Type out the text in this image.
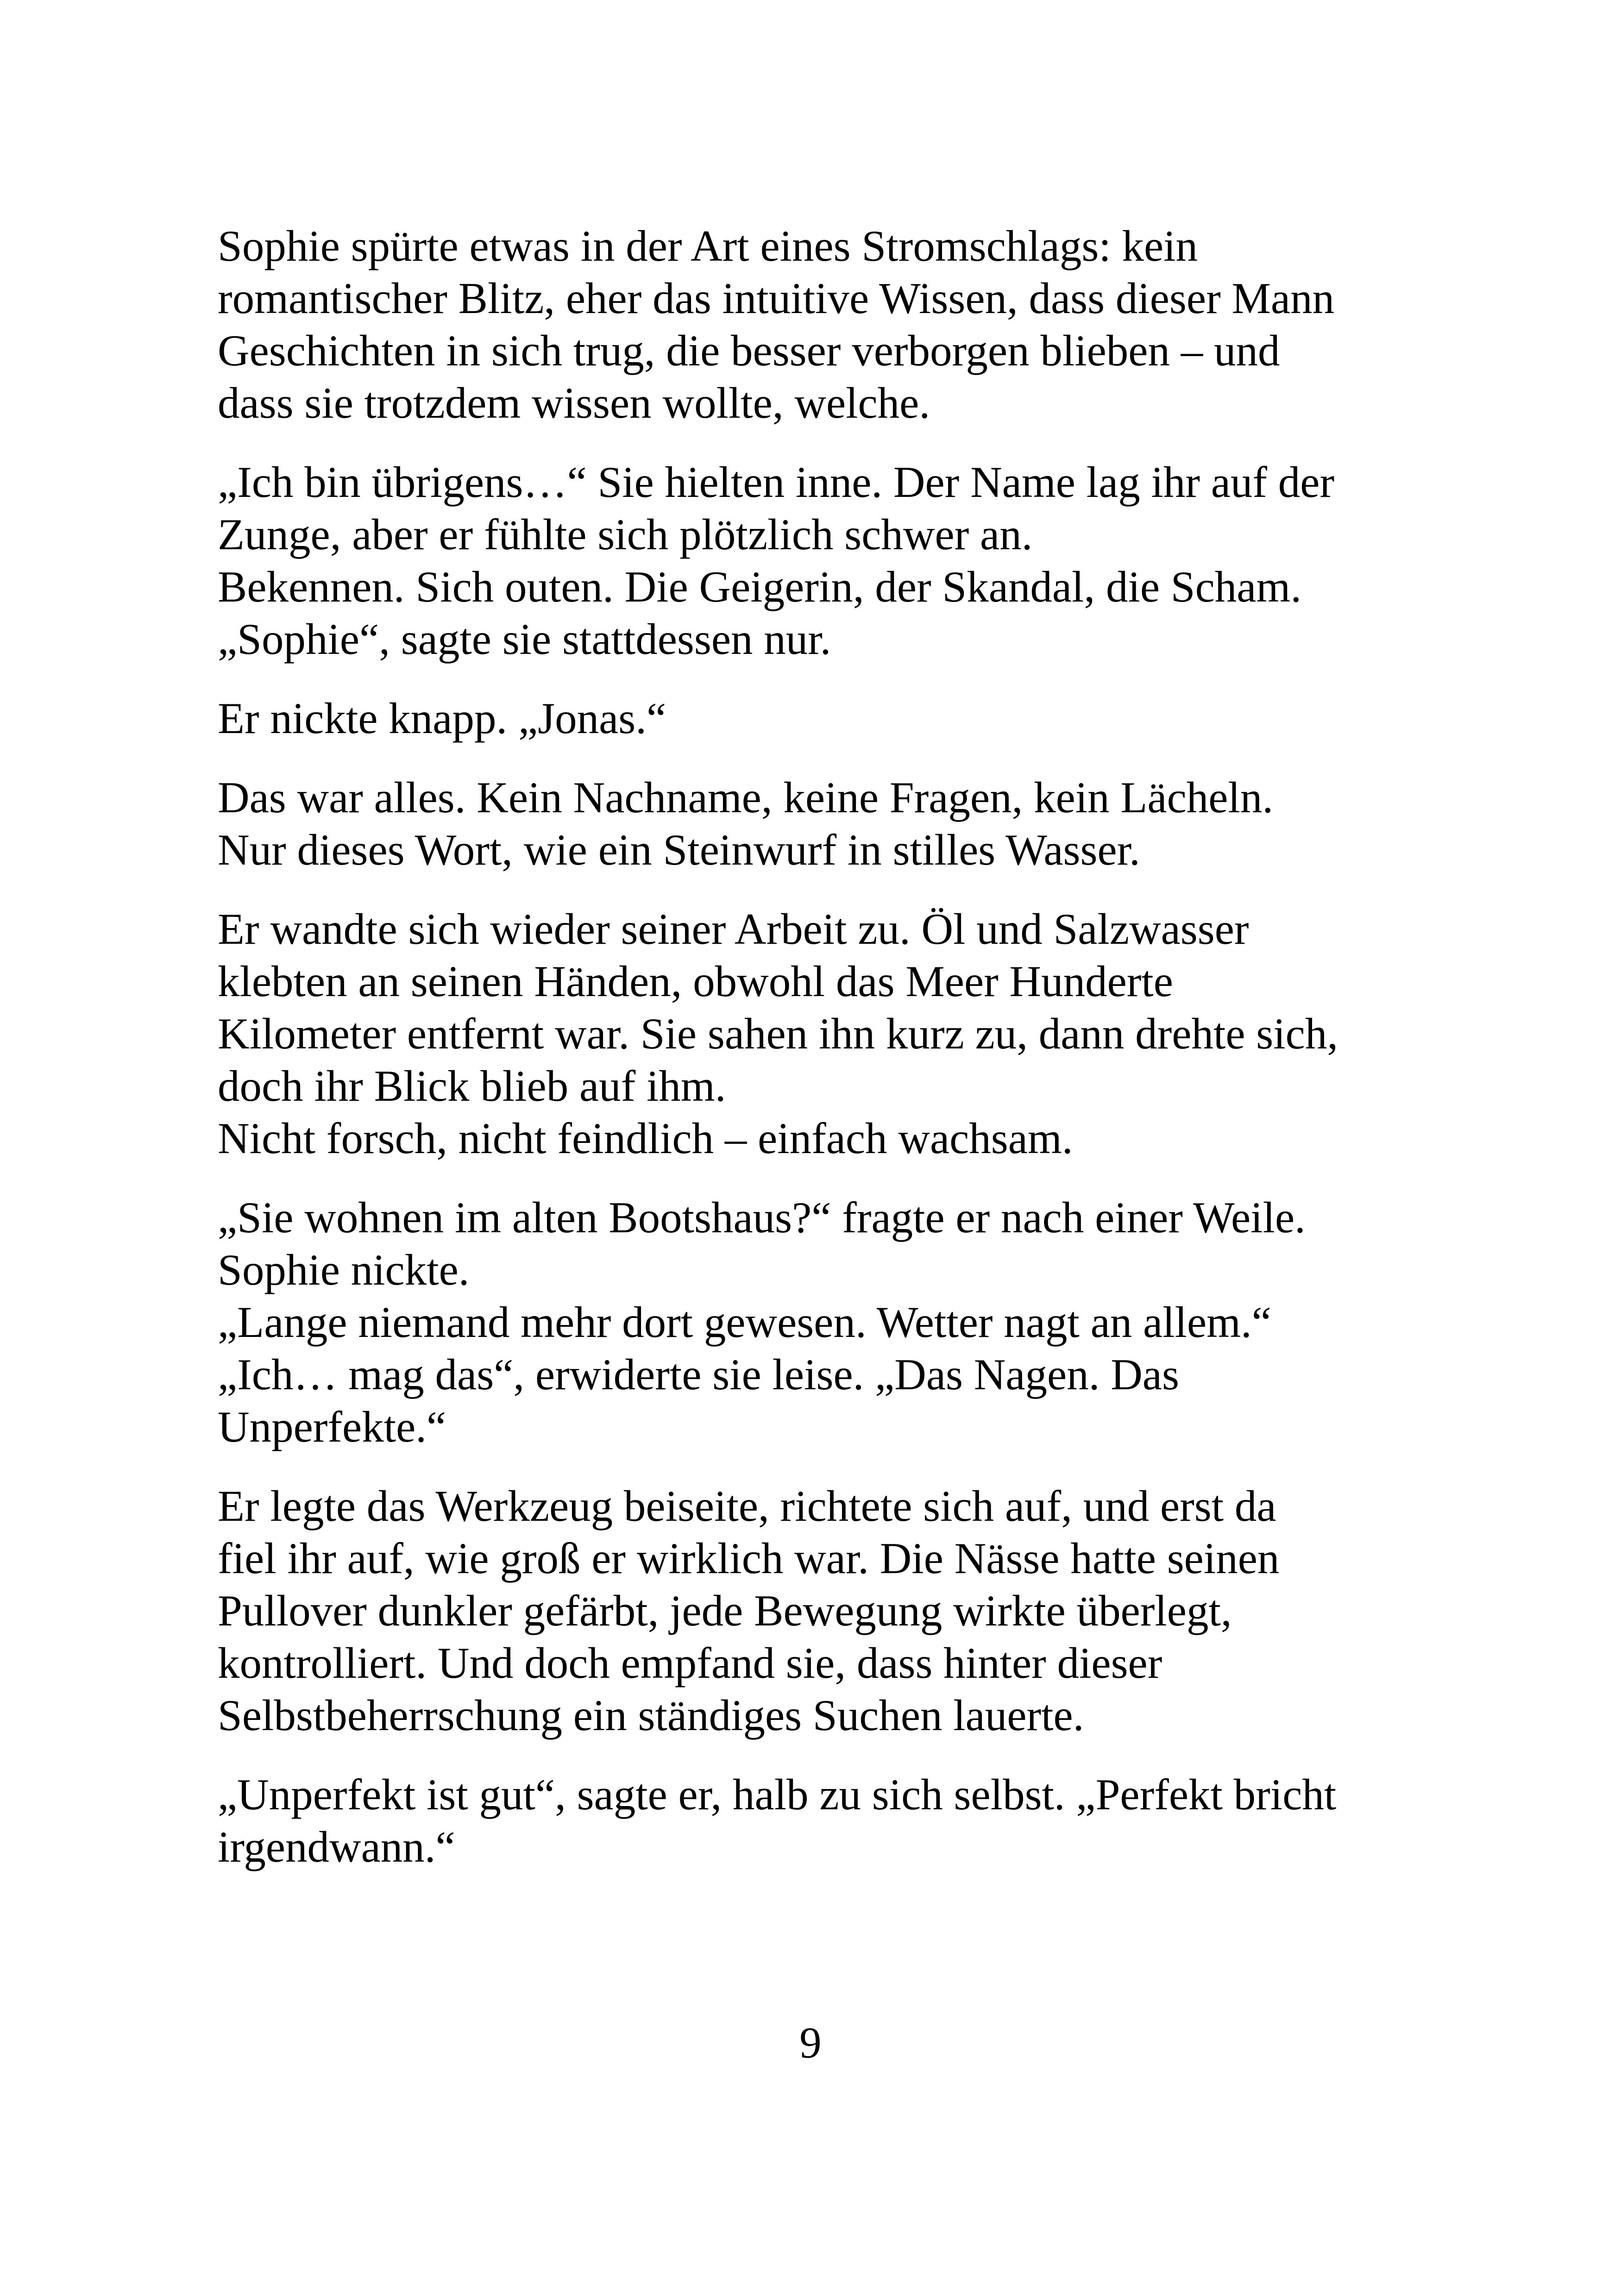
Sophie spürte etwas in der Art eines Stromschlags: kein
romantischer Blitz, eher das intuitive Wissen, dass dieser Mann
Geschichten in sich trug, die besser verborgen blieben – und
dass sie trotzdem wissen wollte, welche.
„Ich bin übrigens…“ Sie hielten inne. Der Name lag ihr auf der
Zunge, aber er fühlte sich plötzlich schwer an.
Bekennen. Sich outen. Die Geigerin, der Skandal, die Scham.
„Sophie“, sagte sie stattdessen nur.
Er nickte knapp. „Jonas.“
Das war alles. Kein Nachname, keine Fragen, kein Lächeln.
Nur dieses Wort, wie ein Steinwurf in stilles Wasser.
Er wandte sich wieder seiner Arbeit zu. Öl und Salzwasser
klebten an seinen Händen, obwohl das Meer Hunderte
Kilometer entfernt war. Sie sahen ihn kurz zu, dann drehte sich,
doch ihr Blick blieb auf ihm.
Nicht forsch, nicht feindlich – einfach wachsam.
„Sie wohnen im alten Bootshaus?“ fragte er nach einer Weile.
Sophie nickte.
„Lange niemand mehr dort gewesen. Wetter nagt an allem.“
„Ich… mag das“, erwiderte sie leise. „Das Nagen. Das
Unperfekte.“
Er legte das Werkzeug beiseite, richtete sich auf, und erst da
fiel ihr auf, wie groß er wirklich war. Die Nässe hatte seinen
Pullover dunkler gefärbt, jede Bewegung wirkte überlegt,
kontrolliert. Und doch empfand sie, dass hinter dieser
Selbstbeherrschung ein ständiges Suchen lauerte.
„Unperfekt ist gut“, sagte er, halb zu sich selbst. „Perfekt bricht
irgendwann.“
9
